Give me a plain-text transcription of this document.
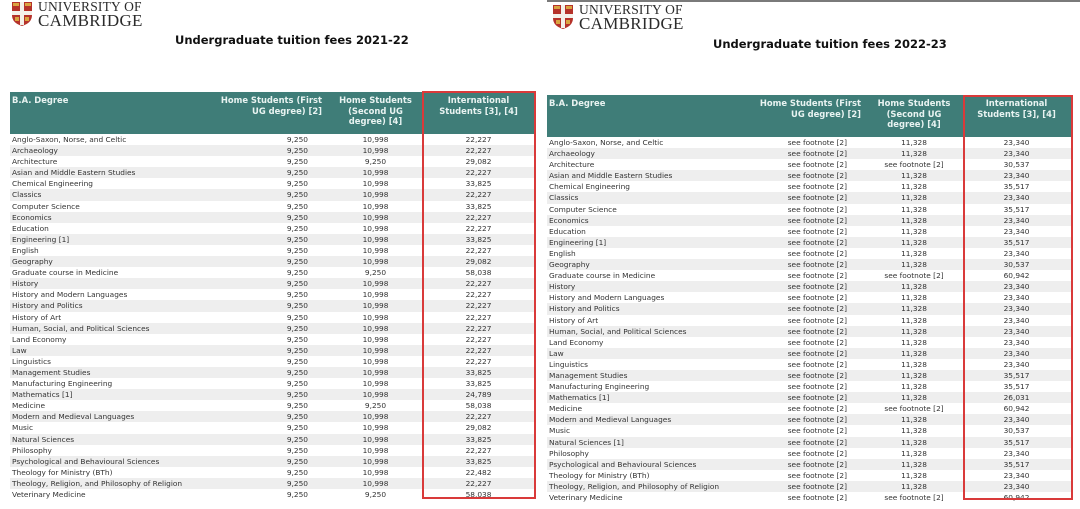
UNIVERSITY OF
CAMBRIDGE
Undergraduate tuition fees 2021-22
B.A. Degree	Home Students (First UG degree) [2]	Home Students (Second UG degree) [4]	International Students [3], [4]
Anglo-Saxon, Norse, and Celtic	9,250	10,998	22,227
Archaeology	9,250	10,998	22,227
Architecture	9,250	9,250	29,082
Asian and Middle Eastern Studies	9,250	10,998	22,227
Chemical Engineering	9,250	10,998	33,825
Classics	9,250	10,998	22,227
Computer Science	9,250	10,998	33,825
Economics	9,250	10,998	22,227
Education	9,250	10,998	22,227
Engineering [1]	9,250	10,998	33,825
English	9,250	10,998	22,227
Geography	9,250	10,998	29,082
Graduate course in Medicine	9,250	9,250	58,038
History	9,250	10,998	22,227
History and Modern Languages	9,250	10,998	22,227
History and Politics	9,250	10,998	22,227
History of Art	9,250	10,998	22,227
Human, Social, and Political Sciences	9,250	10,998	22,227
Land Economy	9,250	10,998	22,227
Law	9,250	10,998	22,227
Linguistics	9,250	10,998	22,227
Management Studies	9,250	10,998	33,825
Manufacturing Engineering	9,250	10,998	33,825
Mathematics [1]	9,250	10,998	24,789
Medicine	9,250	9,250	58,038
Modern and Medieval Languages	9,250	10,998	22,227
Music	9,250	10,998	29,082
Natural Sciences	9,250	10,998	33,825
Philosophy	9,250	10,998	22,227
Psychological and Behavioural Sciences	9,250	10,998	33,825
Theology for Ministry (BTh)	9,250	10,998	22,482
Theology, Religion, and Philosophy of Religion	9,250	10,998	22,227
Veterinary Medicine	9,250	9,250	58,038
UNIVERSITY OF
CAMBRIDGE
Undergraduate tuition fees 2022-23
B.A. Degree	Home Students (First UG degree) [2]	Home Students (Second UG degree) [4]	International Students [3], [4]
Anglo-Saxon, Norse, and Celtic	see footnote [2]	11,328	23,340
Archaeology	see footnote [2]	11,328	23,340
Architecture	see footnote [2]	see footnote [2]	30,537
Asian and Middle Eastern Studies	see footnote [2]	11,328	23,340
Chemical Engineering	see footnote [2]	11,328	35,517
Classics	see footnote [2]	11,328	23,340
Computer Science	see footnote [2]	11,328	35,517
Economics	see footnote [2]	11,328	23,340
Education	see footnote [2]	11,328	23,340
Engineering [1]	see footnote [2]	11,328	35,517
English	see footnote [2]	11,328	23,340
Geography	see footnote [2]	11,328	30,537
Graduate course in Medicine	see footnote [2]	see footnote [2]	60,942
History	see footnote [2]	11,328	23,340
History and Modern Languages	see footnote [2]	11,328	23,340
History and Politics	see footnote [2]	11,328	23,340
History of Art	see footnote [2]	11,328	23,340
Human, Social, and Political Sciences	see footnote [2]	11,328	23,340
Land Economy	see footnote [2]	11,328	23,340
Law	see footnote [2]	11,328	23,340
Linguistics	see footnote [2]	11,328	23,340
Management Studies	see footnote [2]	11,328	35,517
Manufacturing Engineering	see footnote [2]	11,328	35,517
Mathematics [1]	see footnote [2]	11,328	26,031
Medicine	see footnote [2]	see footnote [2]	60,942
Modern and Medieval Languages	see footnote [2]	11,328	23,340
Music	see footnote [2]	11,328	30,537
Natural Sciences [1]	see footnote [2]	11,328	35,517
Philosophy	see footnote [2]	11,328	23,340
Psychological and Behavioural Sciences	see footnote [2]	11,328	35,517
Theology for Ministry (BTh)	see footnote [2]	11,328	23,340
Theology, Religion, and Philosophy of Religion	see footnote [2]	11,328	23,340
Veterinary Medicine	see footnote [2]	see footnote [2]	60,942
